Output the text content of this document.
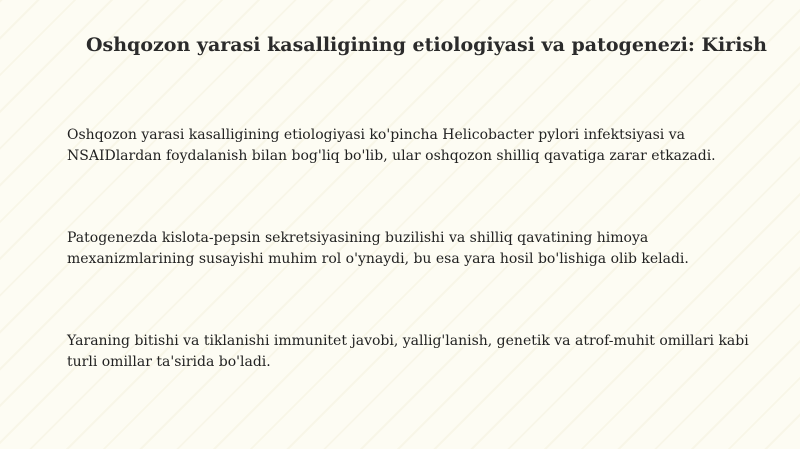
Oshqozon yarasi kasalligining etiologiyasi va patogenezi: Kirish

Oshqozon yarasi kasalligining etiologiyasi ko'pincha Helicobacter pylori infektsiyasi va NSAIDlardan foydalanish bilan bog'liq bo'lib, ular oshqozon shilliq qavatiga zarar etkazadi.

Patogenezda kislota-pepsin sekretsiyasining buzilishi va shilliq qavatining himoya mexanizmlarining susayishi muhim rol o'ynaydi, bu esa yara hosil bo'lishiga olib keladi.

Yaraning bitishi va tiklanishi immunitet javobi, yallig'lanish, genetik va atrof-muhit omillari kabi turli omillar ta'sirida bo'ladi.
